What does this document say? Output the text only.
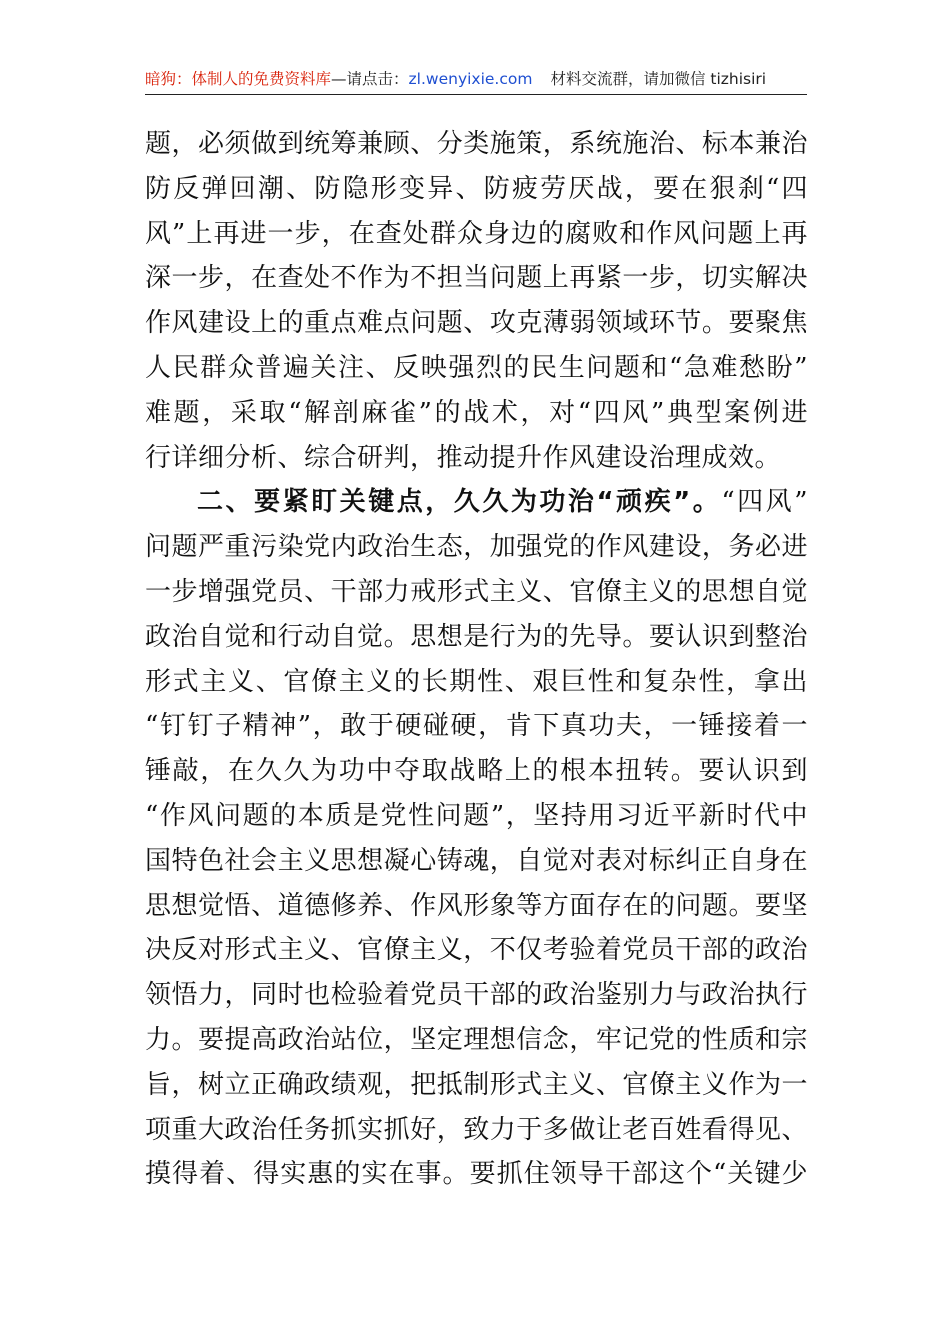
暗狗：体制人的免费资料库—请点击：zl.wenyixie.com 材料交流群，请加微信 tizhisiri
题，必须做到统筹兼顾、分类施策，系统施治、标本兼治
防反弹回潮、防隐形变异、防疲劳厌战，要在狠刹“四
风”上再进一步，在查处群众身边的腐败和作风问题上再
深一步，在查处不作为不担当问题上再紧一步，切实解决
作风建设上的重点难点问题、攻克薄弱领域环节。要聚焦
人民群众普遍关注、反映强烈的民生问题和“急难愁盼”
难题，采取“解剖麻雀”的战术，对“四风”典型案例进
行详细分析、综合研判，推动提升作风建设治理成效。
二、要紧盯关键点，久久为功治“顽疾”。“四风”
问题严重污染党内政治生态，加强党的作风建设，务必进
一步增强党员、干部力戒形式主义、官僚主义的思想自觉
政治自觉和行动自觉。思想是行为的先导。要认识到整治
形式主义、官僚主义的长期性、艰巨性和复杂性，拿出
“钉钉子精神”，敢于硬碰硬，肯下真功夫，一锤接着一
锤敲，在久久为功中夺取战略上的根本扭转。要认识到
“作风问题的本质是党性问题”，坚持用习近平新时代中
国特色社会主义思想凝心铸魂，自觉对表对标纠正自身在
思想觉悟、道德修养、作风形象等方面存在的问题。要坚
决反对形式主义、官僚主义，不仅考验着党员干部的政治
领悟力，同时也检验着党员干部的政治鉴别力与政治执行
力。要提高政治站位，坚定理想信念，牢记党的性质和宗
旨，树立正确政绩观，把抵制形式主义、官僚主义作为一
项重大政治任务抓实抓好，致力于多做让老百姓看得见、
摸得着、得实惠的实在事。要抓住领导干部这个“关键少
